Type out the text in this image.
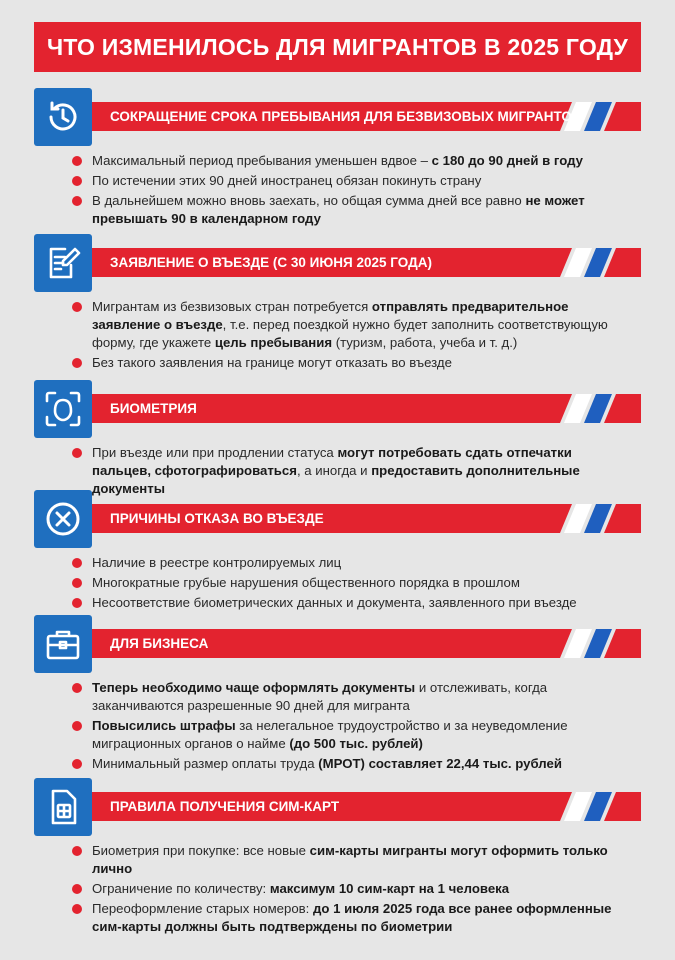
ЧТО ИЗМЕНИЛОСЬ ДЛЯ МИГРАНТОВ В 2025 ГОДУ
СОКРАЩЕНИЕ СРОКА ПРЕБЫВАНИЯ ДЛЯ БЕЗВИЗОВЫХ МИГРАНТОВ
Максимальный период пребывания уменьшен вдвое – с 180 до 90 дней в году
По истечении этих 90 дней иностранец обязан покинуть страну
В дальнейшем можно вновь заехать, но общая сумма дней все равно не может превышать 90 в календарном году
ЗАЯВЛЕНИЕ О ВЪЕЗДЕ (С 30 ИЮНЯ 2025 ГОДА)
Мигрантам из безвизовых стран потребуется отправлять предварительное заявление о въезде, т.е. перед поездкой нужно будет заполнить соответствующую форму, где укажете цель пребывания (туризм, работа, учеба и т. д.)
Без такого заявления на границе могут отказать во въезде
БИОМЕТРИЯ
При въезде или при продлении статуса могут потребовать сдать отпечатки пальцев, сфотографироваться, а иногда и предоставить дополнительные документы
ПРИЧИНЫ ОТКАЗА ВО ВЪЕЗДЕ
Наличие в реестре контролируемых лиц
Многократные грубые нарушения общественного порядка в прошлом
Несоответствие биометрических данных и документа, заявленного при въезде
ДЛЯ БИЗНЕСА
Теперь необходимо чаще оформлять документы и отслеживать, когда заканчиваются разрешенные 90 дней для мигранта
Повысились штрафы за нелегальное трудоустройство и за неуведомление миграционных органов о найме (до 500 тыс. рублей)
Минимальный размер оплаты труда (МРОТ) составляет 22,44 тыс. рублей
ПРАВИЛА ПОЛУЧЕНИЯ СИМ-КАРТ
Биометрия при покупке: все новые сим-карты мигранты могут оформить только лично
Ограничение по количеству: максимум 10 сим-карт на 1 человека
Переоформление старых номеров: до 1 июля 2025 года все ранее оформленные сим-карты должны быть подтверждены по биометрии
